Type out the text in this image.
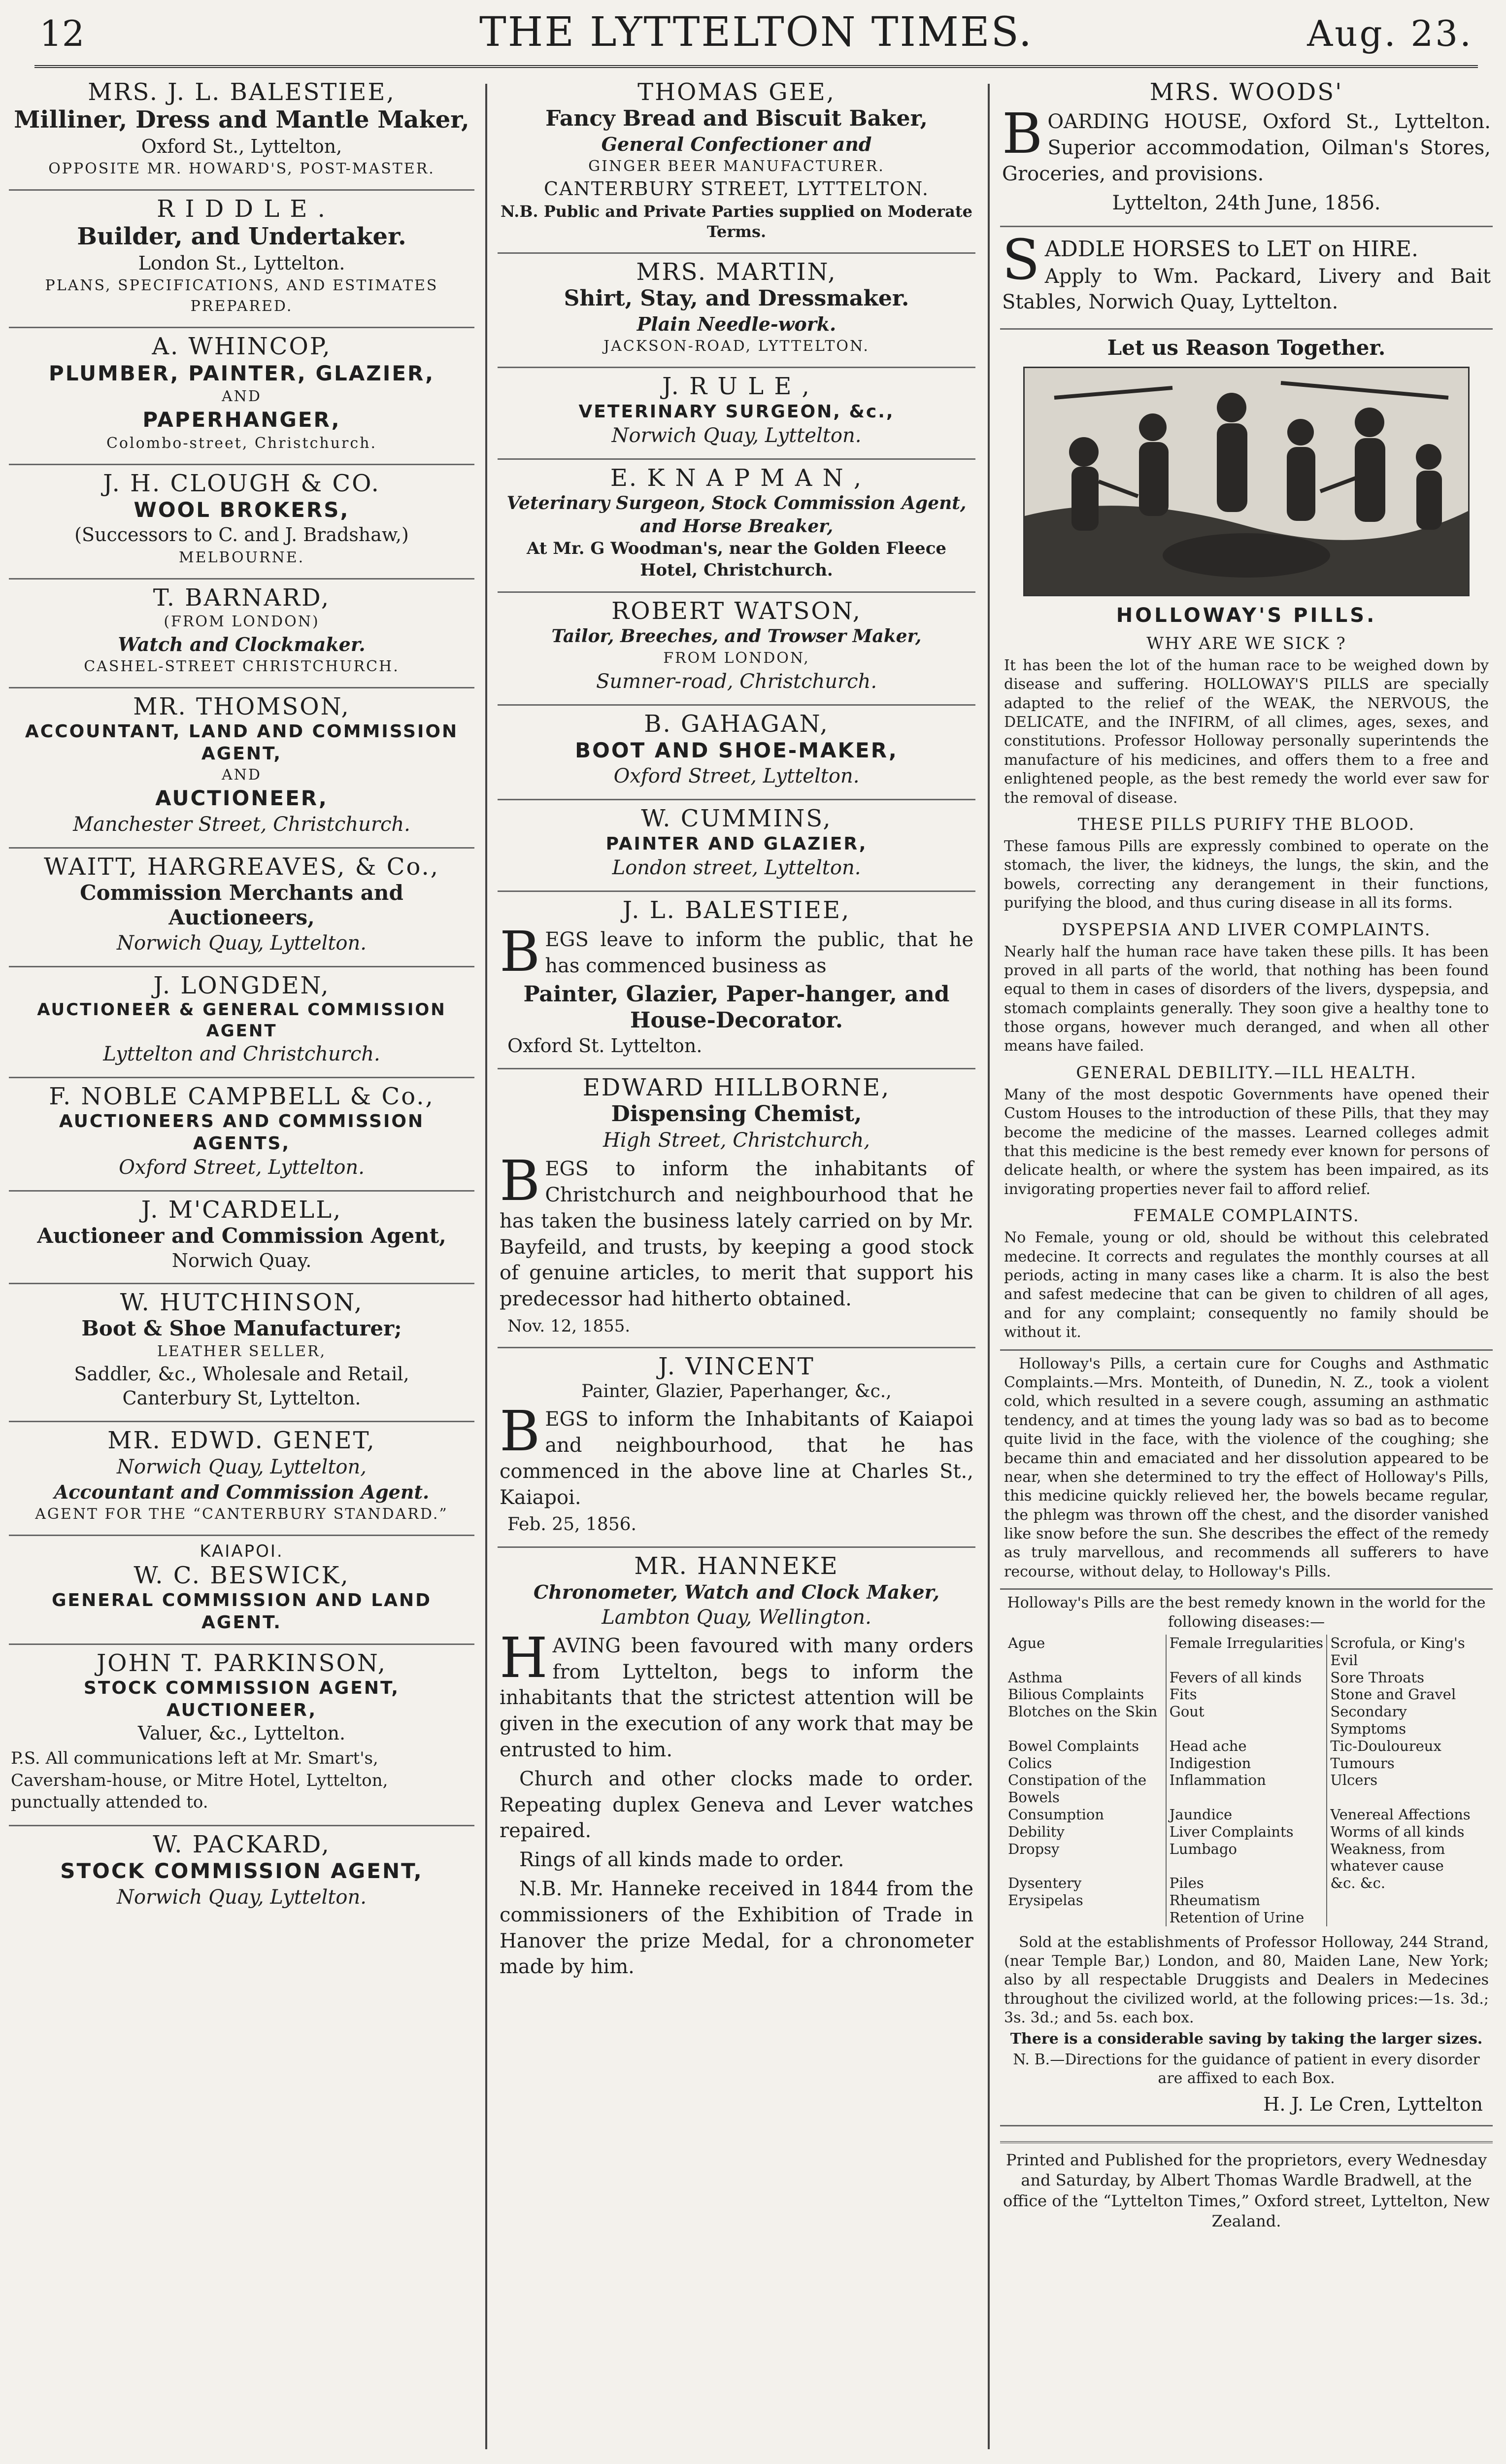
12	THE LYTTELTON TIMES.	Aug. 23.
MRS. J. L. BALESTIEE,
Milliner, Dress and Mantle Maker,
Oxford St., Lyttelton,
OPPOSITE MR. HOWARD'S, POST-MASTER.
R I D D L E .
Builder, and Undertaker.
London St., Lyttelton.
PLANS, SPECIFICATIONS, AND ESTIMATES PREPARED.
A. WHINCOP,
PLUMBER, PAINTER, GLAZIER,
AND
PAPERHANGER,
Colombo-street, Christchurch.
J. H. CLOUGH & CO.
WOOL BROKERS,
(Successors to C. and J. Bradshaw,)
MELBOURNE.
T. BARNARD,
(FROM LONDON)
Watch and Clockmaker.
CASHEL-STREET CHRISTCHURCH.
MR. THOMSON,
ACCOUNTANT, LAND AND COMMISSION AGENT,
AND
AUCTIONEER,
Manchester Street, Christchurch.
WAITT, HARGREAVES, & Co.,
Commission Merchants and Auctioneers,
Norwich Quay, Lyttelton.
J. LONGDEN,
AUCTIONEER & GENERAL COMMISSION AGENT
Lyttelton and Christchurch.
F. NOBLE CAMPBELL & Co.,
AUCTIONEERS AND COMMISSION AGENTS,
Oxford Street, Lyttelton.
J. M'CARDELL,
Auctioneer and Commission Agent,
Norwich Quay.
W. HUTCHINSON,
Boot & Shoe Manufacturer;
LEATHER SELLER,
Saddler, &c., Wholesale and Retail,
Canterbury St, Lyttelton.
MR. EDWD. GENET,
Norwich Quay, Lyttelton,
Accountant and Commission Agent.
AGENT FOR THE “CANTERBURY STANDARD.”
KAIAPOI.
W. C. BESWICK,
GENERAL COMMISSION AND LAND AGENT.
JOHN T. PARKINSON,
STOCK COMMISSION AGENT, AUCTIONEER,
Valuer, &c., Lyttelton.

P.S. All communications left at Mr. Smart's, Caversham-house, or Mitre Hotel, Lyttelton, punctually attended to.

W. PACKARD,
STOCK COMMISSION AGENT,
Norwich Quay, Lyttelton.
THOMAS GEE,
Fancy Bread and Biscuit Baker,
General Confectioner and
GINGER BEER MANUFACTURER.
CANTERBURY STREET, LYTTELTON.
N.B. Public and Private Parties supplied on Moderate Terms.
MRS. MARTIN,
Shirt, Stay, and Dressmaker.
Plain Needle-work.
JACKSON-ROAD, LYTTELTON.
J. R U L E ,
VETERINARY SURGEON, &c.,
Norwich Quay, Lyttelton.
E. K N A P M A N ,
Veterinary Surgeon, Stock Commission Agent, and Horse Breaker,
At Mr. G Woodman's, near the Golden Fleece Hotel, Christchurch.
ROBERT WATSON,
Tailor, Breeches, and Trowser Maker,
FROM LONDON,
Sumner-road, Christchurch.
B. GAHAGAN,
BOOT AND SHOE-MAKER,
Oxford Street, Lyttelton.
W. CUMMINS,
PAINTER AND GLAZIER,
London street, Lyttelton.
J. L. BALESTIEE,

BEGS leave to inform the public, that he has commenced business as

Painter, Glazier, Paper-hanger, and House-Decorator.
Oxford St. Lyttelton.
EDWARD HILLBORNE,
Dispensing Chemist,
High Street, Christchurch,

BEGS to inform the inhabitants of Christchurch and neighbourhood that he has taken the business lately carried on by Mr. Bayfeild, and trusts, by keeping a good stock of genuine articles, to merit that support his predecessor had hitherto obtained.

Nov. 12, 1855.
J. VINCENT
Painter, Glazier, Paperhanger, &c.,

BEGS to inform the Inhabitants of Kaiapoi and neighbourhood, that he has commenced in the above line at Charles St., Kaiapoi.

Feb. 25, 1856.
MR. HANNEKE
Chronometer, Watch and Clock Maker,
Lambton Quay, Wellington.

HAVING been favoured with many orders from Lyttelton, begs to inform the inhabitants that the strictest attention will be given in the execution of any work that may be entrusted to him.

Church and other clocks made to order. Repeating duplex Geneva and Lever watches repaired.

Rings of all kinds made to order.

N.B. Mr. Hanneke received in 1844 from the commissioners of the Exhibition of Trade in Hanover the prize Medal, for a chronometer made by him.

MRS. WOODS'

BOARDING HOUSE, Oxford St., Lyttelton. Superior accommodation, Oilman's Stores, Groceries, and provisions.

Lyttelton, 24th June, 1856.

SADDLE HORSES to LET on HIRE.
Apply to Wm. Packard, Livery and Bait Stables, Norwich Quay, Lyttelton.

Let us Reason Together.
HOLLOWAY'S PILLS.
WHY ARE WE SICK ?

It has been the lot of the human race to be weighed down by disease and suffering. HOLLOWAY'S PILLS are specially adapted to the relief of the WEAK, the NERVOUS, the DELICATE, and the INFIRM, of all climes, ages, sexes, and constitutions. Professor Holloway personally superintends the manufacture of his medicines, and offers them to a free and enlightened people, as the best remedy the world ever saw for the removal of disease.

THESE PILLS PURIFY THE BLOOD.

These famous Pills are expressly combined to operate on the stomach, the liver, the kidneys, the lungs, the skin, and the bowels, correcting any derangement in their functions, purifying the blood, and thus curing disease in all its forms.

DYSPEPSIA AND LIVER COMPLAINTS.

Nearly half the human race have taken these pills. It has been proved in all parts of the world, that nothing has been found equal to them in cases of disorders of the livers, dyspepsia, and stomach complaints generally. They soon give a healthy tone to those organs, however much deranged, and when all other means have failed.

GENERAL DEBILITY.—ILL HEALTH.

Many of the most despotic Governments have opened their Custom Houses to the introduction of these Pills, that they may become the medicine of the masses. Learned colleges admit that this medicine is the best remedy ever known for persons of delicate health, or where the system has been impaired, as its invigorating properties never fail to afford relief.

FEMALE COMPLAINTS.

No Female, young or old, should be without this celebrated medecine. It corrects and regulates the monthly courses at all periods, acting in many cases like a charm. It is also the best and safest medecine that can be given to children of all ages, and for any complaint; consequently no family should be without it.

Holloway's Pills, a certain cure for Coughs and Asthmatic Complaints.—Mrs. Monteith, of Dunedin, N. Z., took a violent cold, which resulted in a severe cough, assuming an asthmatic tendency, and at times the young lady was so bad as to become quite livid in the face, with the violence of the coughing; she became thin and emaciated and her dissolution appeared to be near, when she determined to try the effect of Holloway's Pills, this medicine quickly relieved her, the bowels became regular, the phlegm was thrown off the chest, and the disorder vanished like snow before the sun. She describes the effect of the remedy as truly marvellous, and recommends all sufferers to have recourse, without delay, to Holloway's Pills.

Holloway's Pills are the best remedy known in the world for the following diseases:—

Ague	Female Irregularities	Scrofula, or King's Evil
Asthma	Fevers of all kinds	Sore Throats
Bilious Complaints	Fits	Stone and Gravel
Blotches on the Skin	Gout	Secondary Symptoms
Bowel Complaints	Head ache	Tic-Douloureux
Colics	Indigestion	Tumours
Constipation of the Bowels	Inflammation	Ulcers
Consumption	Jaundice	Venereal Affections
Debility	Liver Complaints	Worms of all kinds
Dropsy	Lumbago	Weakness, from whatever cause
Dysentery	Piles	&c. &c.
Erysipelas	Rheumatism	
	Retention of Urine	

Sold at the establishments of Professor Holloway, 244 Strand, (near Temple Bar,) London, and 80, Maiden Lane, New York; also by all respectable Druggists and Dealers in Medecines throughout the civilized world, at the following prices:—1s. 3d.; 3s. 3d.; and 5s. each box.

There is a considerable saving by taking the larger sizes.

N. B.—Directions for the guidance of patient in every disorder are affixed to each Box.

H. J. Le Cren, Lyttelton

Printed and Published for the proprietors, every Wednesday and Saturday, by Albert Thomas Wardle Bradwell, at the office of the “Lyttelton Times,” Oxford street, Lyttelton, New Zealand.
